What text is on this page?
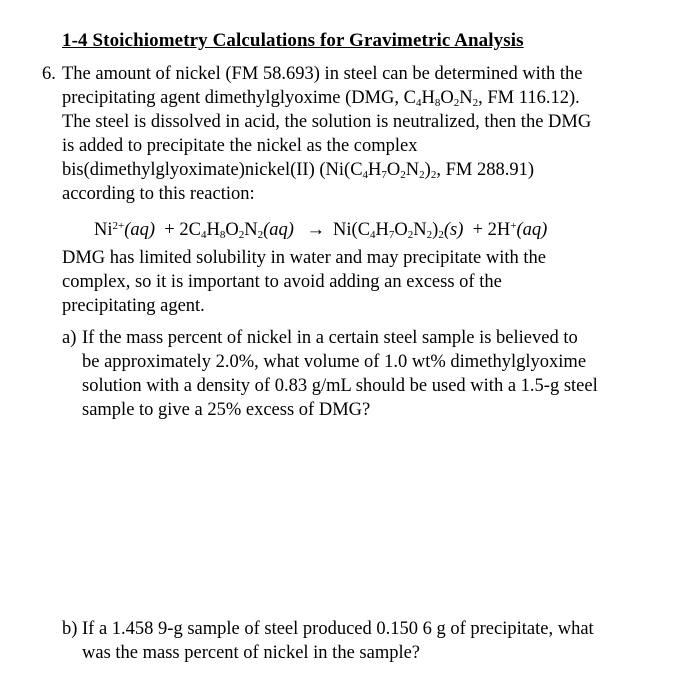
1-4 Stoichiometry Calculations for Gravimetric Analysis
6. The amount of nickel (FM 58.693) in steel can be determined with the
precipitating agent dimethylglyoxime (DMG, $C_4H_8O_2N_2$, FM 116.12).
The steel is dissolved in acid, the solution is neutralized, then the DMG
is added to precipitate the nickel as the complex
bis(dimethylglyoximate)nickel(II) ($Ni(C_4H_7O_2N_2)_2$, FM 288.91)
according to this reaction:
$Ni^{2+}(aq) + 2C_4H_8O_2N_2(aq) \to Ni(C_4H_7O_2N_2)_2(s) + 2H^+(aq)$
DMG has limited solubility in water and may precipitate with the
complex, so it is important to avoid adding an excess of the
precipitating agent.
a) If the mass percent of nickel in a certain steel sample is believed to
be approximately 2.0%, what volume of 1.0 wt% dimethylglyoxime
solution with a density of 0.83 g/mL should be used with a 1.5-g steel
sample to give a 25% excess of DMG?
b) If a 1.458 9-g sample of steel produced 0.150 6 g of precipitate, what
was the mass percent of nickel in the sample?
